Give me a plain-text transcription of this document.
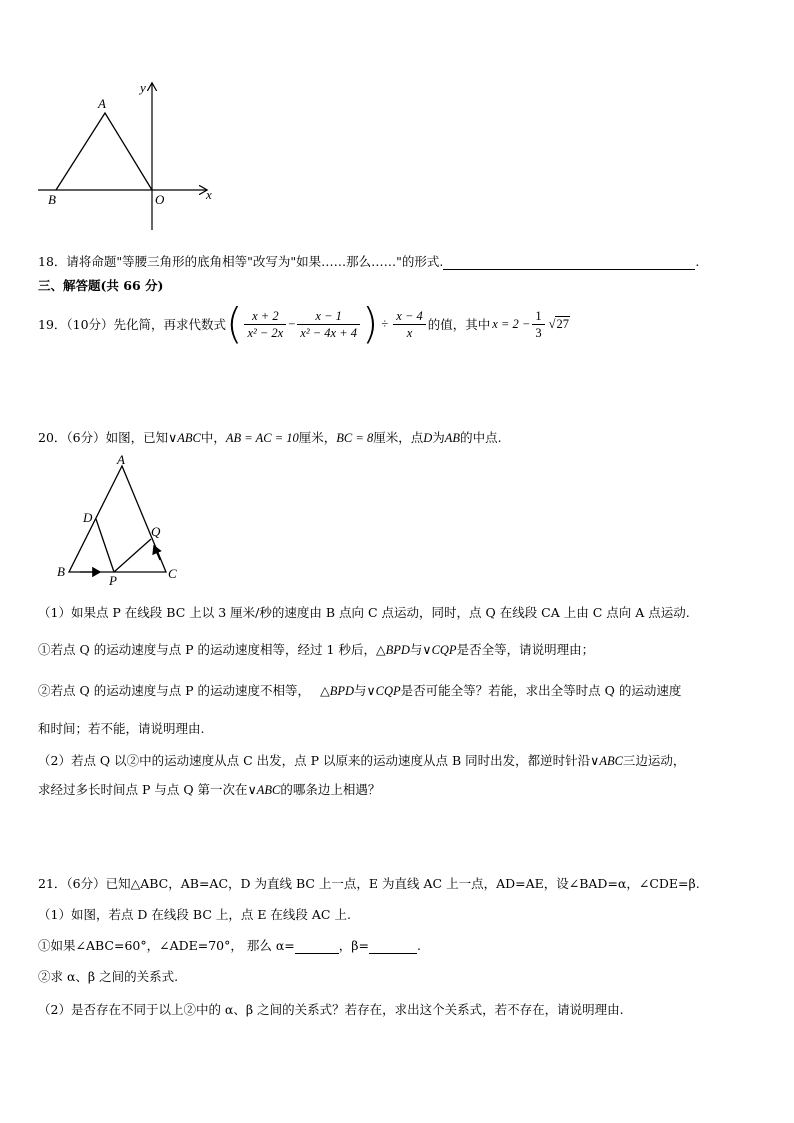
A
B	O	x
y
18．请将命题"等腰三角形的底角相等"改写为"如果……那么……"的形式.	.
三、解答题(共 66 分)
19．（10分）先化简，再求代数式 ( $\frac{x + 2}{\text{x² − 2x}} - \frac{x - 1}{\text{x² − 4x + 4}}$ ) ÷ $\frac{x - 4}{x}$ 的值，其中 $x = 2 - \frac{1}{3}$ √ 27
20．（6分）如图，已知∨ABC中，AB = AC = 10厘米，BC = 8厘米，点D为AB的中点.
A
B	C
D
P
Q
（1）如果点 P 在线段 BC 上以 3 厘米/秒的速度由 B 点向 C 点运动，同时，点 Q 在线段 CA 上由 C 点向 A 点运动.
①若点 Q 的运动速度与点 P 的运动速度相等，经过 1 秒后，△BPD与∨CQP是否全等，请说明理由；
②若点 Q 的运动速度与点 P 的运动速度不相等， △BPD与∨CQP是否可能全等？若能，求出全等时点 Q 的运动速度
和时间；若不能，请说明理由.
（2）若点 Q 以②中的运动速度从点 C 出发，点 P 以原来的运动速度从点 B 同时出发，都逆时针沿∨ABC三边运动，
求经过多长时间点 P 与点 Q 第一次在∨ABC的哪条边上相遇？
21．（6分）已知△ABC，AB=AC，D 为直线 BC 上一点，E 为直线 AC 上一点，AD=AE，设∠BAD=α，∠CDE=β.
（1）如图，若点 D 在线段 BC 上，点 E 在线段 AC 上.
①如果∠ABC=60°，∠ADE=70°， 那么 α=	，β=	.
②求 α、β 之间的关系式.
（2）是否存在不同于以上②中的 α、β 之间的关系式？若存在，求出这个关系式，若不存在，请说明理由.
